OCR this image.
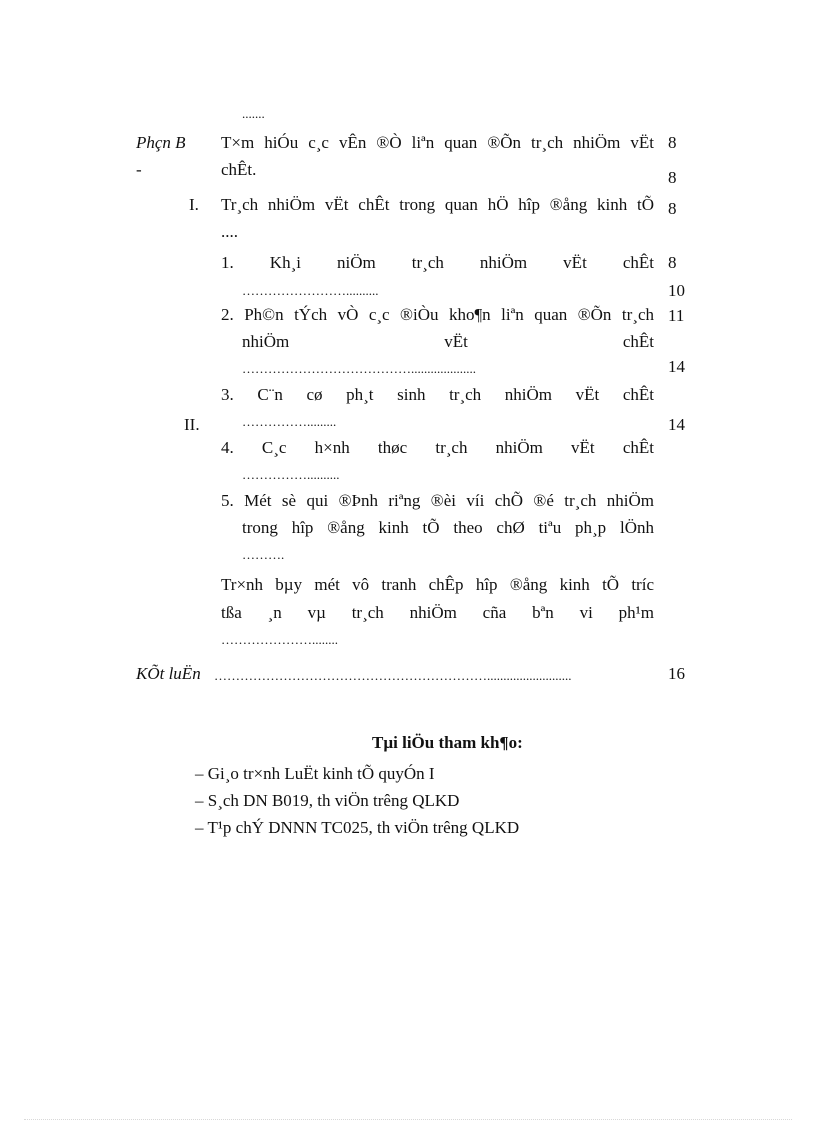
.......
Phçn B
-
T×m hiÓu c¸c vÊn ®Ò liªn quan ®Õn tr¸ch nhiÖm vËt
chÊt.
8
8
I. Tr¸ch nhiÖm vËt chÊt trong quan hÖ hîp ®ång kinh tÕ
....
8
1. Kh¸i niÖm tr¸ch nhiÖm vËt chÊt
……………………..........
8
10
2. Ph©n tÝch vÒ c¸c ®iÒu kho¶n liªn quan ®Õn tr¸ch
nhiÖm vËt chÊt
…………………………………....................
11
14
3. C¨n cø ph¸t sinh tr¸ch nhiÖm vËt chÊt
…………….........	14
II.
4. C¸c h×nh thøc tr¸ch nhiÖm vËt chÊt
……………..........
5. Mét sè qui ®Þnh riªng ®èi víi chÕ ®é tr¸ch nhiÖm
trong hîp ®ång kinh tÕ theo chØ tiªu ph¸p lÖnh
……….
Tr×nh bµy mét vô tranh chÊp hîp ®ång kinh tÕ tríc
tßa ¸n vµ tr¸ch nhiÖm cña bªn vi ph¹m
…………………........
KÕt luËn ………………………………………………………..........................	16
Tµi liÖu tham kh¶o:
– Gi¸o tr×nh LuËt kinh tÕ quyÓn I
– S¸ch DN B019, th viÖn trêng QLKD
– T¹p chÝ DNNN TC025, th viÖn trêng QLKD
